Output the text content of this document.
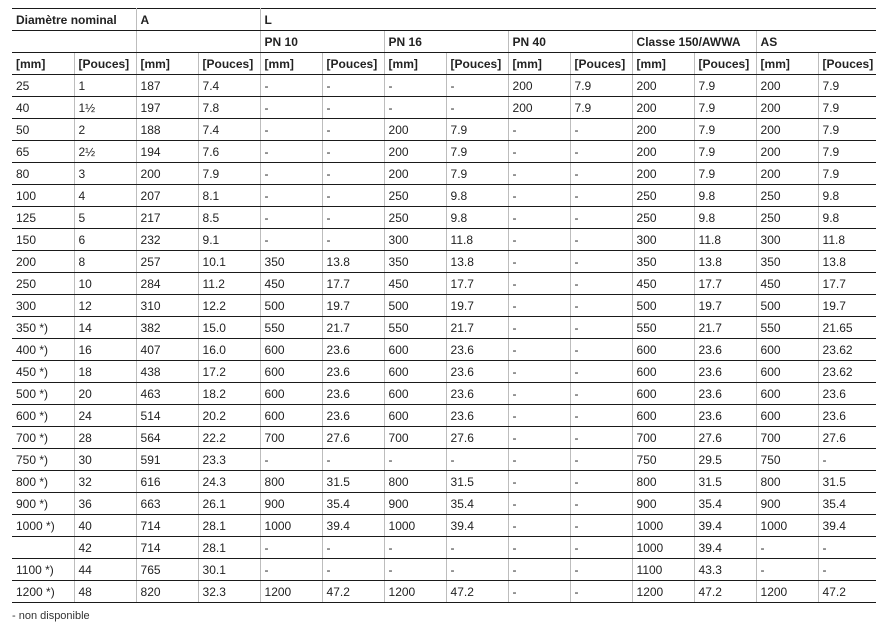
Diamètre nominal		A		L									
				PN 10		PN 16		PN 40		Classe 150/AWWA		AS	
[mm]	[Pouces]	[mm]	[Pouces]	[mm]	[Pouces]	[mm]	[Pouces]	[mm]	[Pouces]	[mm]	[Pouces]	[mm]	[Pouces]
25	1	187	7.4	-	-	-	-	200	7.9	200	7.9	200	7.9
40	1½	197	7.8	-	-	-	-	200	7.9	200	7.9	200	7.9
50	2	188	7.4	-	-	200	7.9	-	-	200	7.9	200	7.9
65	2½	194	7.6	-	-	200	7.9	-	-	200	7.9	200	7.9
80	3	200	7.9	-	-	200	7.9	-	-	200	7.9	200	7.9
100	4	207	8.1	-	-	250	9.8	-	-	250	9.8	250	9.8
125	5	217	8.5	-	-	250	9.8	-	-	250	9.8	250	9.8
150	6	232	9.1	-	-	300	11.8	-	-	300	11.8	300	11.8
200	8	257	10.1	350	13.8	350	13.8	-	-	350	13.8	350	13.8
250	10	284	11.2	450	17.7	450	17.7	-	-	450	17.7	450	17.7
300	12	310	12.2	500	19.7	500	19.7	-	-	500	19.7	500	19.7
350 *)	14	382	15.0	550	21.7	550	21.7	-	-	550	21.7	550	21.65
400 *)	16	407	16.0	600	23.6	600	23.6	-	-	600	23.6	600	23.62
450 *)	18	438	17.2	600	23.6	600	23.6	-	-	600	23.6	600	23.62
500 *)	20	463	18.2	600	23.6	600	23.6	-	-	600	23.6	600	23.6
600 *)	24	514	20.2	600	23.6	600	23.6	-	-	600	23.6	600	23.6
700 *)	28	564	22.2	700	27.6	700	27.6	-	-	700	27.6	700	27.6
750 *)	30	591	23.3	-	-	-	-	-	-	750	29.5	750	-
800 *)	32	616	24.3	800	31.5	800	31.5	-	-	800	31.5	800	31.5
900 *)	36	663	26.1	900	35.4	900	35.4	-	-	900	35.4	900	35.4
1000 *)	40	714	28.1	1000	39.4	1000	39.4	-	-	1000	39.4	1000	39.4
	42	714	28.1	-	-	-	-	-	-	1000	39.4	-	-
1100 *)	44	765	30.1	-	-	-	-	-	-	1100	43.3	-	-
1200 *)	48	820	32.3	1200	47.2	1200	47.2	-	-	1200	47.2	1200	47.2
- non disponible
